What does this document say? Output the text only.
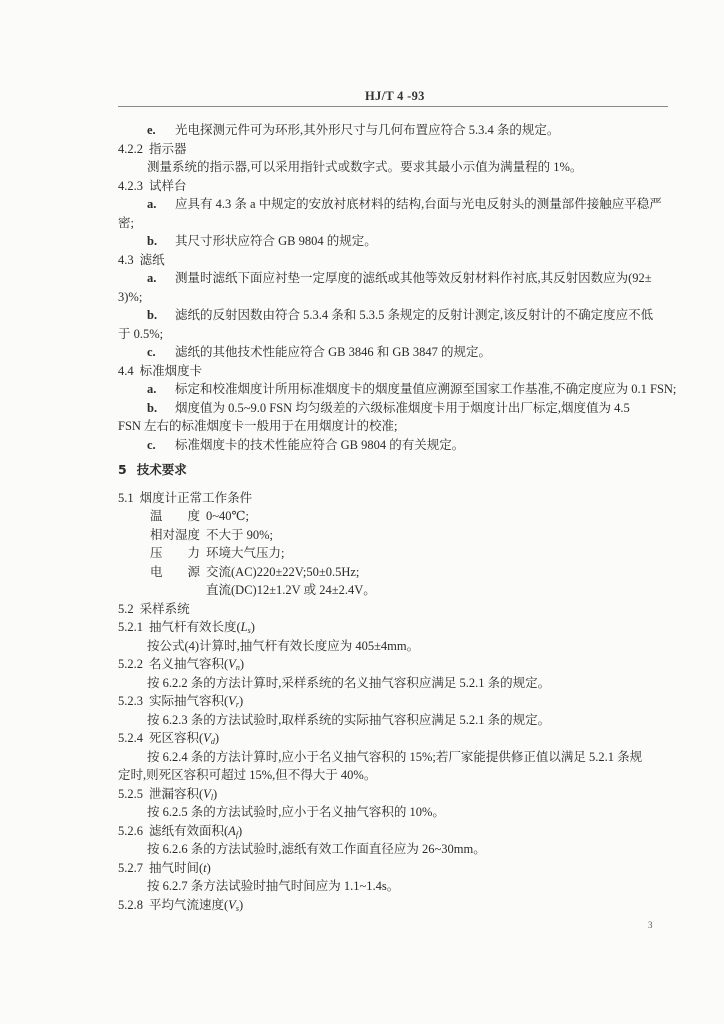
HJ/T 4 -93
e. 光电探测元件可为环形,其外形尺寸与几何布置应符合 5.3.4 条的规定。
4.2.2 指示器
测量系统的指示器,可以采用指针式或数字式。要求其最小示值为满量程的 1%。
4.2.3 试样台
a. 应具有 4.3 条 a 中规定的安放衬底材料的结构,台面与光电反射头的测量部件接触应平稳严
密;
b. 其尺寸形状应符合 GB 9804 的规定。
4.3 滤纸
a. 测量时滤纸下面应衬垫一定厚度的滤纸或其他等效反射材料作衬底,其反射因数应为(92±
3)%;
b. 滤纸的反射因数由符合 5.3.4 条和 5.3.5 条规定的反射计测定,该反射计的不确定度应不低
于 0.5%;
c. 滤纸的其他技术性能应符合 GB 3846 和 GB 3847 的规定。
4.4 标准烟度卡
a. 标定和校准烟度计所用标准烟度卡的烟度量值应溯源至国家工作基准,不确定度应为 0.1 FSN;
b. 烟度值为 0.5~9.0 FSN 均匀级差的六级标准烟度卡用于烟度计出厂标定,烟度值为 4.5
FSN 左右的标准烟度卡一般用于在用烟度计的校准;
c. 标准烟度卡的技术性能应符合 GB 9804 的有关规定。
5 技术要求
5.1 烟度计正常工作条件
温 度 0~40℃;
相对湿度 不大于 90%;
压 力 环境大气压力;
电 源 交流(AC)220±22V;50±0.5Hz;
直流(DC)12±1.2V 或 24±2.4V。
5.2 采样系统
5.2.1 抽气杆有效长度$(L_s)$
按公式(4)计算时,抽气杆有效长度应为 405±4mm。
5.2.2 名义抽气容积$(V_n)$
按 6.2.2 条的方法计算时,采样系统的名义抽气容积应满足 5.2.1 条的规定。
5.2.3 实际抽气容积$(V_r)$
按 6.2.3 条的方法试验时,取样系统的实际抽气容积应满足 5.2.1 条的规定。
5.2.4 死区容积$(V_d)$
按 6.2.4 条的方法计算时,应小于名义抽气容积的 15%;若厂家能提供修正值以满足 5.2.1 条规
定时,则死区容积可超过 15%,但不得大于 40%。
5.2.5 泄漏容积$(V_l)$
按 6.2.5 条的方法试验时,应小于名义抽气容积的 10%。
5.2.6 滤纸有效面积$(A_f)$
按 6.2.6 条的方法试验时,滤纸有效工作面直径应为 26~30mm。
5.2.7 抽气时间(t)
按 6.2.7 条方法试验时抽气时间应为 1.1~1.4s。
5.2.8 平均气流速度$(V_s)$
3
